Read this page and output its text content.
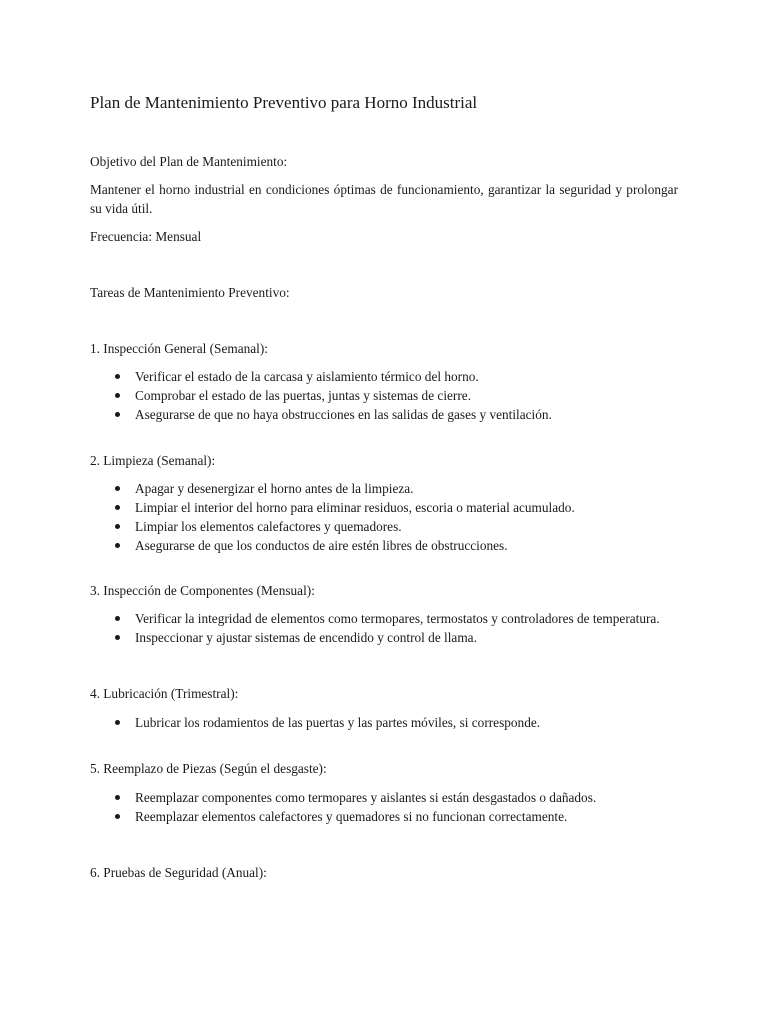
Plan de Mantenimiento Preventivo para Horno Industrial
Objetivo del Plan de Mantenimiento:
Mantener el horno industrial en condiciones óptimas de funcionamiento, garantizar la seguridad y prolongar su vida útil.
Frecuencia: Mensual
Tareas de Mantenimiento Preventivo:
1. Inspección General (Semanal):
Verificar el estado de la carcasa y aislamiento térmico del horno.
Comprobar el estado de las puertas, juntas y sistemas de cierre.
Asegurarse de que no haya obstrucciones en las salidas de gases y ventilación.
2. Limpieza (Semanal):
Apagar y desenergizar el horno antes de la limpieza.
Limpiar el interior del horno para eliminar residuos, escoria o material acumulado.
Limpiar los elementos calefactores y quemadores.
Asegurarse de que los conductos de aire estén libres de obstrucciones.
3. Inspección de Componentes (Mensual):
Verificar la integridad de elementos como termopares, termostatos y controladores de temperatura.
Inspeccionar y ajustar sistemas de encendido y control de llama.
4. Lubricación (Trimestral):
Lubricar los rodamientos de las puertas y las partes móviles, si corresponde.
5. Reemplazo de Piezas (Según el desgaste):
Reemplazar componentes como termopares y aislantes si están desgastados o dañados.
Reemplazar elementos calefactores y quemadores si no funcionan correctamente.
6. Pruebas de Seguridad (Anual):
